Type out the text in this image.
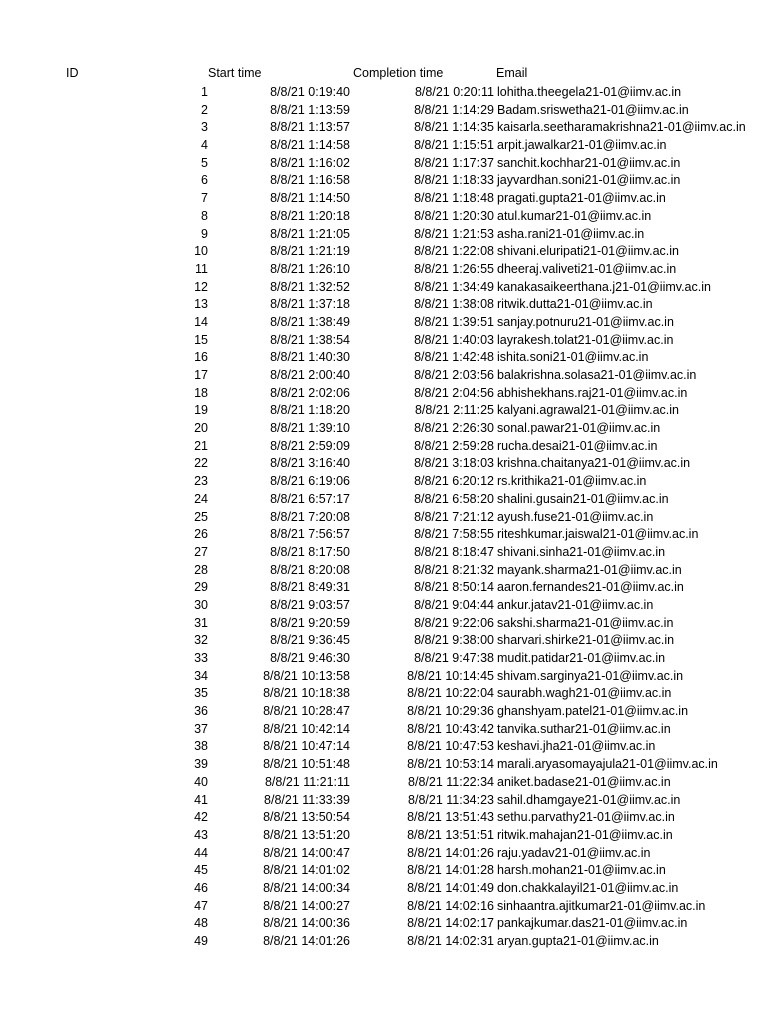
ID	Start time	Completion time	Email
1	8/8/21 0:19:40	8/8/21 0:20:11 lohitha.theegela21-01@iimv.ac.in
2	8/8/21 1:13:59	8/8/21 1:14:29 Badam.sriswetha21-01@iimv.ac.in
3	8/8/21 1:13:57	8/8/21 1:14:35 kaisarla.seetharamakrishna21-01@iimv.ac.in
4	8/8/21 1:14:58	8/8/21 1:15:51 arpit.jawalkar21-01@iimv.ac.in
5	8/8/21 1:16:02	8/8/21 1:17:37 sanchit.kochhar21-01@iimv.ac.in
6	8/8/21 1:16:58	8/8/21 1:18:33 jayvardhan.soni21-01@iimv.ac.in
7	8/8/21 1:14:50	8/8/21 1:18:48 pragati.gupta21-01@iimv.ac.in
8	8/8/21 1:20:18	8/8/21 1:20:30 atul.kumar21-01@iimv.ac.in
9	8/8/21 1:21:05	8/8/21 1:21:53 asha.rani21-01@iimv.ac.in
10	8/8/21 1:21:19	8/8/21 1:22:08 shivani.eluripati21-01@iimv.ac.in
11	8/8/21 1:26:10	8/8/21 1:26:55 dheeraj.valiveti21-01@iimv.ac.in
12	8/8/21 1:32:52	8/8/21 1:34:49 kanakasaikeerthana.j21-01@iimv.ac.in
13	8/8/21 1:37:18	8/8/21 1:38:08 ritwik.dutta21-01@iimv.ac.in
14	8/8/21 1:38:49	8/8/21 1:39:51 sanjay.potnuru21-01@iimv.ac.in
15	8/8/21 1:38:54	8/8/21 1:40:03 layrakesh.tolat21-01@iimv.ac.in
16	8/8/21 1:40:30	8/8/21 1:42:48 ishita.soni21-01@iimv.ac.in
17	8/8/21 2:00:40	8/8/21 2:03:56 balakrishna.solasa21-01@iimv.ac.in
18	8/8/21 2:02:06	8/8/21 2:04:56 abhishekhans.raj21-01@iimv.ac.in
19	8/8/21 1:18:20	8/8/21 2:11:25 kalyani.agrawal21-01@iimv.ac.in
20	8/8/21 1:39:10	8/8/21 2:26:30 sonal.pawar21-01@iimv.ac.in
21	8/8/21 2:59:09	8/8/21 2:59:28 rucha.desai21-01@iimv.ac.in
22	8/8/21 3:16:40	8/8/21 3:18:03 krishna.chaitanya21-01@iimv.ac.in
23	8/8/21 6:19:06	8/8/21 6:20:12 rs.krithika21-01@iimv.ac.in
24	8/8/21 6:57:17	8/8/21 6:58:20 shalini.gusain21-01@iimv.ac.in
25	8/8/21 7:20:08	8/8/21 7:21:12 ayush.fuse21-01@iimv.ac.in
26	8/8/21 7:56:57	8/8/21 7:58:55 riteshkumar.jaiswal21-01@iimv.ac.in
27	8/8/21 8:17:50	8/8/21 8:18:47 shivani.sinha21-01@iimv.ac.in
28	8/8/21 8:20:08	8/8/21 8:21:32 mayank.sharma21-01@iimv.ac.in
29	8/8/21 8:49:31	8/8/21 8:50:14 aaron.fernandes21-01@iimv.ac.in
30	8/8/21 9:03:57	8/8/21 9:04:44 ankur.jatav21-01@iimv.ac.in
31	8/8/21 9:20:59	8/8/21 9:22:06 sakshi.sharma21-01@iimv.ac.in
32	8/8/21 9:36:45	8/8/21 9:38:00 sharvari.shirke21-01@iimv.ac.in
33	8/8/21 9:46:30	8/8/21 9:47:38 mudit.patidar21-01@iimv.ac.in
34	8/8/21 10:13:58	8/8/21 10:14:45 shivam.sarginya21-01@iimv.ac.in
35	8/8/21 10:18:38	8/8/21 10:22:04 saurabh.wagh21-01@iimv.ac.in
36	8/8/21 10:28:47	8/8/21 10:29:36 ghanshyam.patel21-01@iimv.ac.in
37	8/8/21 10:42:14	8/8/21 10:43:42 tanvika.suthar21-01@iimv.ac.in
38	8/8/21 10:47:14	8/8/21 10:47:53 keshavi.jha21-01@iimv.ac.in
39	8/8/21 10:51:48	8/8/21 10:53:14 marali.aryasomayajula21-01@iimv.ac.in
40	8/8/21 11:21:11	8/8/21 11:22:34 aniket.badase21-01@iimv.ac.in
41	8/8/21 11:33:39	8/8/21 11:34:23 sahil.dhamgaye21-01@iimv.ac.in
42	8/8/21 13:50:54	8/8/21 13:51:43 sethu.parvathy21-01@iimv.ac.in
43	8/8/21 13:51:20	8/8/21 13:51:51 ritwik.mahajan21-01@iimv.ac.in
44	8/8/21 14:00:47	8/8/21 14:01:26 raju.yadav21-01@iimv.ac.in
45	8/8/21 14:01:02	8/8/21 14:01:28 harsh.mohan21-01@iimv.ac.in
46	8/8/21 14:00:34	8/8/21 14:01:49 don.chakkalayil21-01@iimv.ac.in
47	8/8/21 14:00:27	8/8/21 14:02:16 sinhaantra.ajitkumar21-01@iimv.ac.in
48	8/8/21 14:00:36	8/8/21 14:02:17 pankajkumar.das21-01@iimv.ac.in
49	8/8/21 14:01:26	8/8/21 14:02:31 aryan.gupta21-01@iimv.ac.in
